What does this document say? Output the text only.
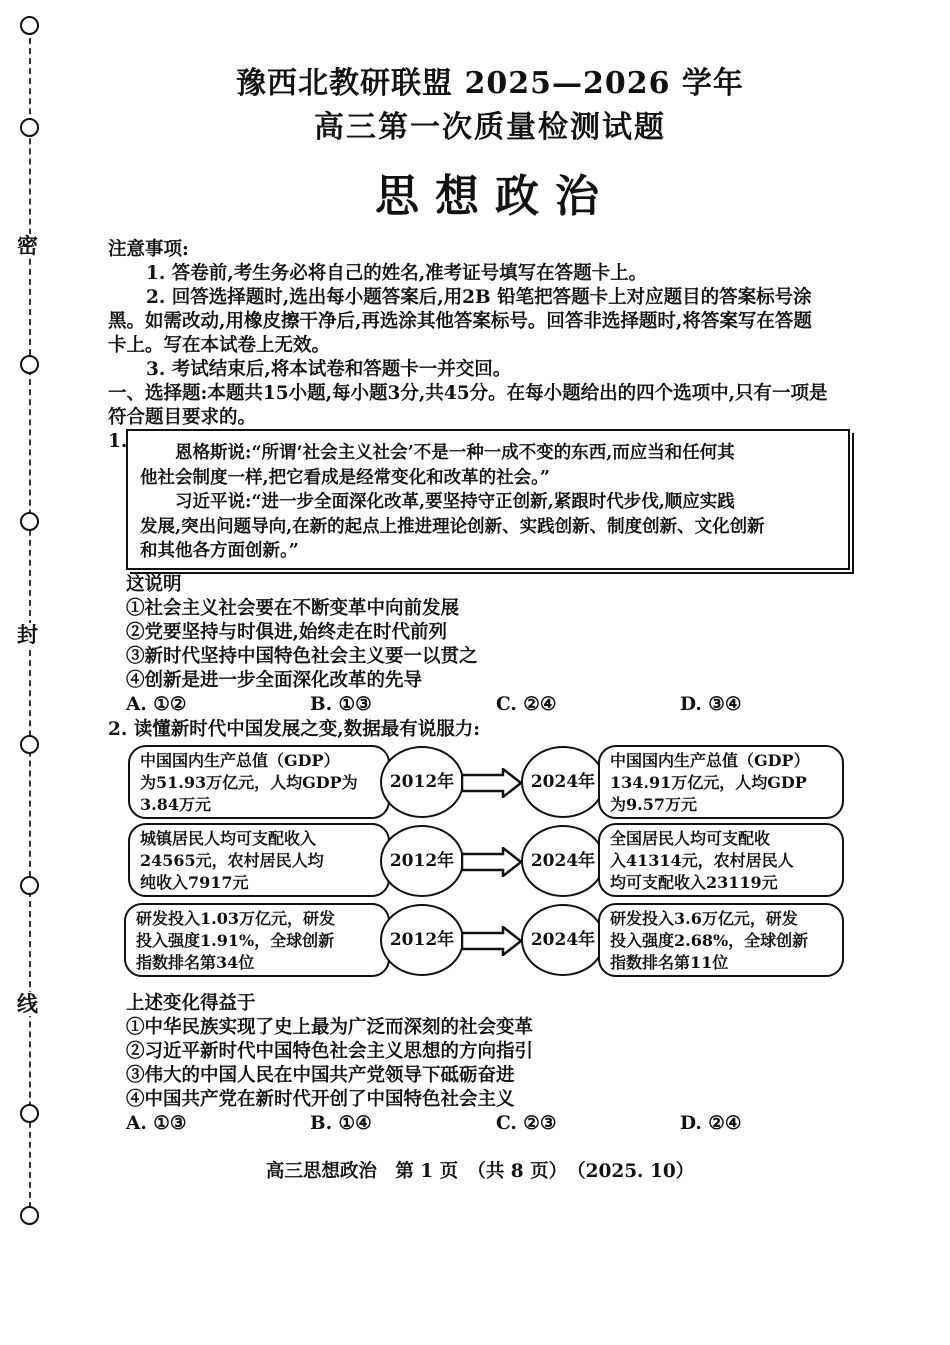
密
封
线
豫西北教研联盟 2025—2026 学年
高三第一次质量检测试题
思想政治
注意事项:
1. 答卷前,考生务必将自己的姓名,准考证号填写在答题卡上。
2. 回答选择题时,选出每小题答案后,用2B 铅笔把答题卡上对应题目的答案标号涂
黑。如需改动,用橡皮擦干净后,再选涂其他答案标号。回答非选择题时,将答案写在答题
卡上。写在本试卷上无效。
3. 考试结束后,将本试卷和答题卡一并交回。
一、选择题:本题共15小题,每小题3分,共45分。在每小题给出的四个选项中,只有一项是
符合题目要求的。
1.

恩格斯说:“所谓‘社会主义社会’不是一种一成不变的东西,而应当和任何其

他社会制度一样,把它看成是经常变化和改革的社会。”

习近平说:“进一步全面深化改革,要坚持守正创新,紧跟时代步伐,顺应实践

发展,突出问题导向,在新的起点上推进理论创新、实践创新、制度创新、文化创新

和其他各方面创新。”

这说明
①社会主义社会要在不断变革中向前发展
②党要坚持与时俱进,始终走在时代前列
③新时代坚持中国特色社会主义要一以贯之
④创新是进一步全面深化改革的先导
A. ①②	B. ①③	C. ②④	D. ③④
2. 读懂新时代中国发展之变,数据最有说服力:
中国国内生产总值（GDP）
为51.93万亿元，人均GDP为
3.84万元
2012年	2024年
中国国内生产总值（GDP）
134.91万亿元，人均GDP
为9.57万元
城镇居民人均可支配收入
24565元，农村居民人均
纯收入7917元
2012年	2024年
全国居民人均可支配收
入41314元，农村居民人
均可支配收入23119元
研发投入1.03万亿元，研发
投入强度1.91%，全球创新
指数排名第34位
2012年	2024年
研发投入3.6万亿元，研发
投入强度2.68%，全球创新
指数排名第11位
上述变化得益于
①中华民族实现了史上最为广泛而深刻的社会变革
②习近平新时代中国特色社会主义思想的方向指引
③伟大的中国人民在中国共产党领导下砥砺奋进
④中国共产党在新时代开创了中国特色社会主义
A. ①③	B. ①④	C. ②③	D. ②④
高三思想政治　第 1 页　（共 8 页）　（2025. 10）
